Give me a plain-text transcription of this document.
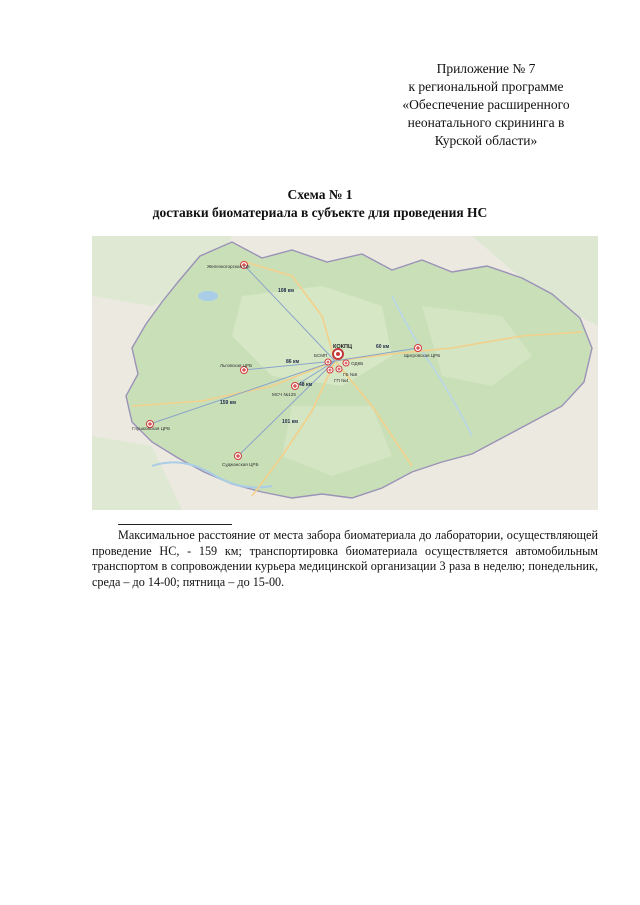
Приложение № 7
к региональной программе
«Обеспечение расширенного
неонатального скрининга в
Курской области»
Схема № 1
доставки биоматериала в субъекте для проведения НС
КОКПЦ
Железногорская ЦБ
Льговская ЦРБ
Глушковская ЦРБ
Суджанская ЦРБ
Щигровская ЦРБ
БСМП
ОДКБ
МСЧ №125
ГП №4
ГБ №6
108 км
86 км
48 км
159 км
101 км
60 км
Максимальное расстояние от места забора биоматериала до лаборатории, осуществляющей проведение НС, - 159 км; транспортировка биоматериала осуществляется автомобильным транспортом в сопровождении курьера медицинской организации 3 раза в неделю; понедельник, среда – до 14-00; пятница – до 15-00.
